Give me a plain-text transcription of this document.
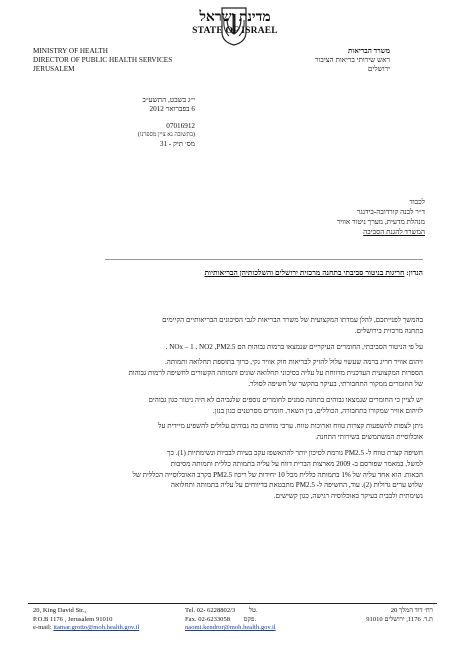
מדינת ישראל
STATE OF ISRAEL
MINISTRY OF HEALTH
DIRECTOR OF PUBLIC HEALTH SERVICES
JERUSALEM
משרד הבריאות
ראש שירותי בריאות הציבור
ירושלים
י״ג בשבט, התשע״ב
6 בפברואר 2012
07016912
(בתשובה נא ציין מספרנו)
מס׳ תיק - 31
לכבוד
ד״ר לבנה קורדובה-בידנגר
מנהלת מדעית, מערך ניטור אוויר
המשרד להגנת הסביבה
הנדון: חריגות בניטור סביבתי בתחנה מרכזית ירושלים והשלכותיהן הבריאותיות
בהמשך לפנייתכם, להלן עמדתו המקצועית של משרד הבריאות לגבי הסיכונים הבריאותיים הקיימים
בתחנה מרכזית בירושלים.
על פי הניטור הסביבתי, החומרים העיקריים שנמצאו ברמות גבוהות הם NOx – 1 , NO2 ,PM2.5 .
זיהום אוויר חריג ברמה שעשוי עלול להזיק לבריאות חוק אוויר נקי, כרוך בתוספת תחלואה ותמותה.
הספרות המקצועית העדכנית מדווחת על עליה בסיכוני תחלואה שונים ותמותה הקשורים לחשיפה לרמות גבוהות
של החומרים ממקור התחבורתי, בעיקר בהקשר של חשיפה לסולר.
יש לציין כי החומרים שנמצאו גבוהים בתחנה סמנים לחומרים נוספים שלגביהם לא היה ניטור כגון גבוהים
לזיהום אוויר שמקורו בתחבורה, הכוללים, בין השאר, חומרים מסרטנים כגון בנזן.
ניתן לצפות להשפעות קצרות טווח וארוכות טווח. ערכי מוחזים כה גבוהים עלולים להשפיע מיידית על
אוכלוסיית המשתמשים בשירותי התחנה.
חשיפה קצרת טווח ל- PM2.5 גורמת לסיכון יותר להתאשפז עקב בעיות לבביות ונשימתיות (1). כך
למשל, במאמר שפורסם ב- 2009 מארצות הברית דווח על עליה בתמותה כללית ותמותה מסיבות
הבאות. הוא אחד עליה של 1% בתמותה כללית מכל 10 יחידות של ריכוז PM2.5 בקרב האוכלוסייה הכללית של
שלוש ערים גדולות (2). עוד, החשיפה ל- PM2.5 מתבטאת בדיווחים על עליה בתמותה ותחלואה
נשימתית ולבבית בעיקר באוכלוסיה רגישה, כגון קשישים.
20, King David Str.,
P.O.B 1176 , Jerusalem 91010
e-mail: itamar.grotto@moh.health.gov.il
Tel. 02- 6228802/3 טל.
Fax. 02-6233058 פקס.
naomi.kendror@moh.health.gov.il
רח׳ דוד המלך 20
ת.ד. 1176, ירושלים 91010
